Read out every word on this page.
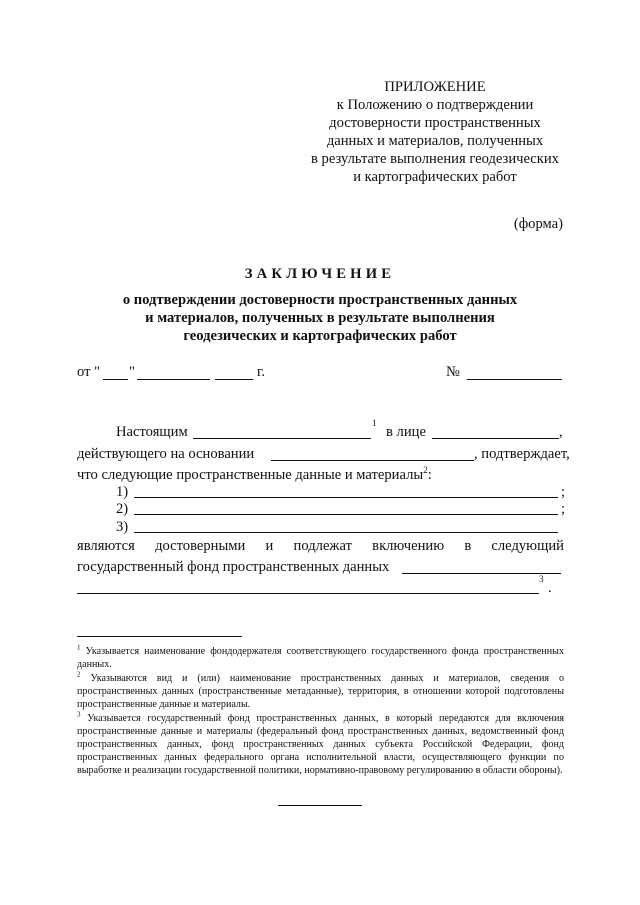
ПРИЛОЖЕНИЕ
к Положению о подтверждении
достоверности пространственных
данных и материалов, полученных
в результате выполнения геодезических
и картографических работ
(форма)
ЗАКЛЮЧЕНИЕ
о подтверждении достоверности пространственных данных
и материалов, полученных в результате выполнения
геодезических и картографических работ
от " "	г.	№
Настоящим
$^1$
в лице	,
действующего на основании	, подтверждает,
что следующие пространственные данные и материалы$^2$:
1)	;
2)	;
3)
являются достоверными и подлежат включению в следующий
государственный фонд пространственных данных
$^3$
.
$^1$ Указывается наименование фондодержателя соответствующего государственного фонда пространственных данных.
$^2$ Указываются вид и (или) наименование пространственных данных и материалов, сведения о пространственных данных (пространственные метаданные), территория, в отношении которой подготовлены пространственные данные и материалы.
$^3$ Указывается государственный фонд пространственных данных, в который передаются для включения пространственные данные и материалы (федеральный фонд пространственных данных, ведомственный фонд пространственных данных, фонд пространственных данных субъекта Российской Федерации, фонд пространственных данных федерального органа исполнительной власти, осуществляющего функции по выработке и реализации государственной политики, нормативно-правовому регулированию в области обороны).
